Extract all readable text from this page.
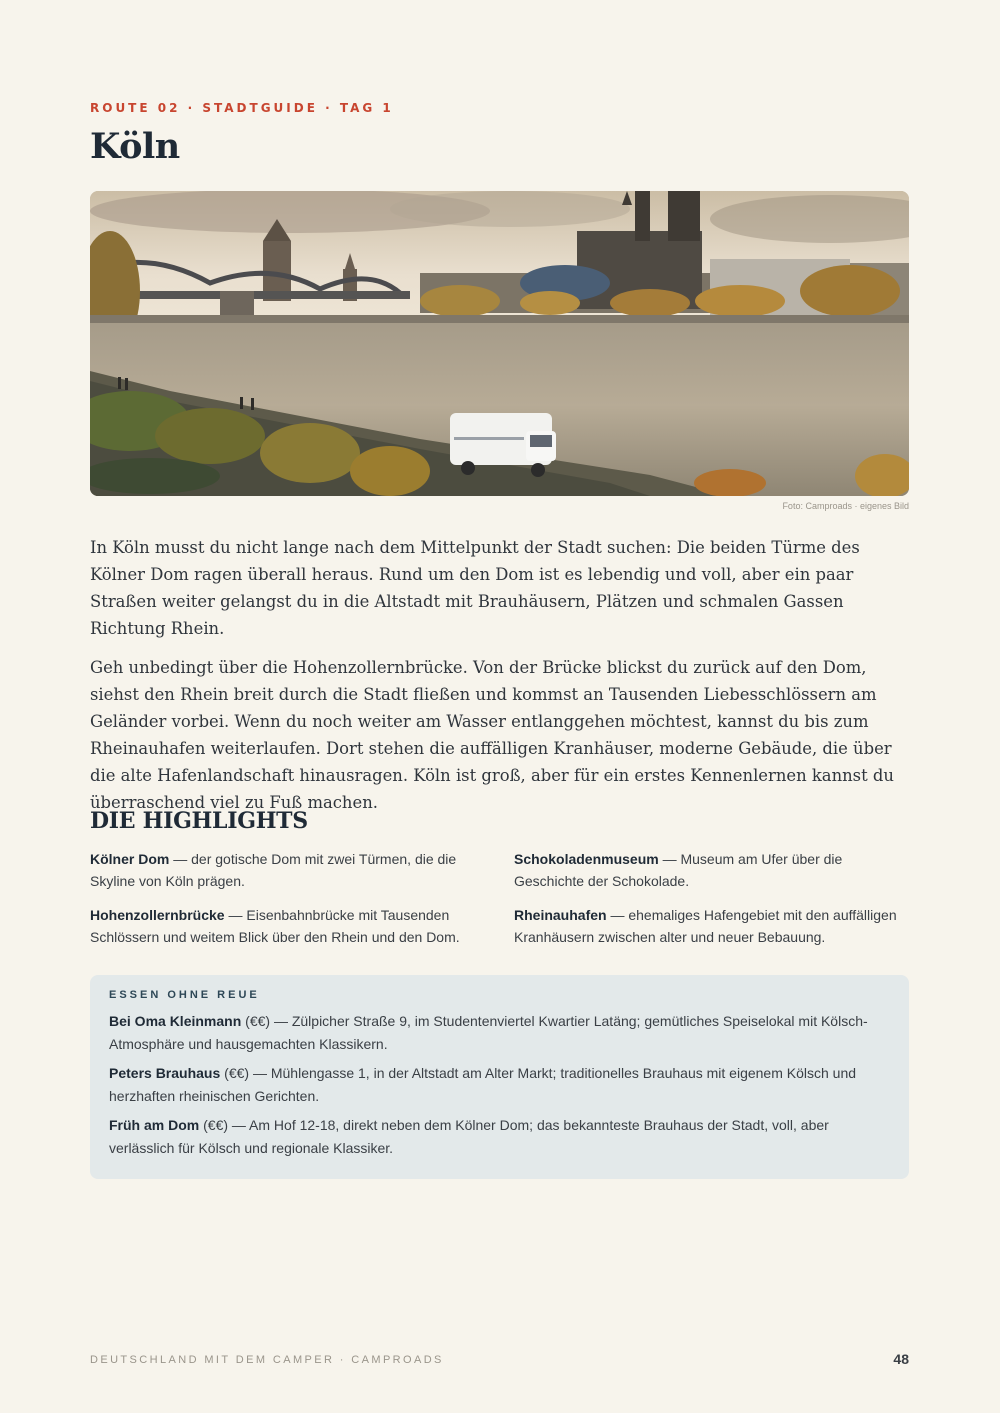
ROUTE 02 · STADTGUIDE · TAG 1
Köln
Foto: Camproads · eigenes Bild

In Köln musst du nicht lange nach dem Mittelpunkt der Stadt suchen: Die beiden Türme des Kölner Dom ragen überall heraus. Rund um den Dom ist es lebendig und voll, aber ein paar Straßen weiter gelangst du in die Altstadt mit Brauhäusern, Plätzen und schmalen Gassen Richtung Rhein.

Geh unbedingt über die Hohenzollernbrücke. Von der Brücke blickst du zurück auf den Dom, siehst den Rhein breit durch die Stadt fließen und kommst an Tausenden Liebesschlössern am Geländer vorbei. Wenn du noch weiter am Wasser entlanggehen möchtest, kannst du bis zum Rheinauhafen weiterlaufen. Dort stehen die auffälligen Kranhäuser, moderne Gebäude, die über die alte Hafenlandschaft hinausragen. Köln ist groß, aber für ein erstes Kennenlernen kannst du überraschend viel zu Fuß machen.

DIE HIGHLIGHTS
Kölner Dom — der gotische Dom mit zwei Türmen, die die Skyline von Köln prägen.
Schokoladenmuseum — Museum am Ufer über die Geschichte der Schokolade.
Hohenzollernbrücke — Eisenbahnbrücke mit Tausenden Schlössern und weitem Blick über den Rhein und den Dom.
Rheinauhafen — ehemaliges Hafengebiet mit den auffälligen Kranhäusern zwischen alter und neuer Bebauung.
ESSEN OHNE REUE
Bei Oma Kleinmann (€€) — Zülpicher Straße 9, im Studentenviertel Kwartier Latäng; gemütliches Speiselokal mit Kölsch-Atmosphäre und hausgemachten Klassikern.
Peters Brauhaus (€€) — Mühlengasse 1, in der Altstadt am Alter Markt; traditionelles Brauhaus mit eigenem Kölsch und herzhaften rheinischen Gerichten.
Früh am Dom (€€) — Am Hof 12-18, direkt neben dem Kölner Dom; das bekannteste Brauhaus der Stadt, voll, aber verlässlich für Kölsch und regionale Klassiker.
DEUTSCHLAND MIT DEM CAMPER · CAMPROADS	48
